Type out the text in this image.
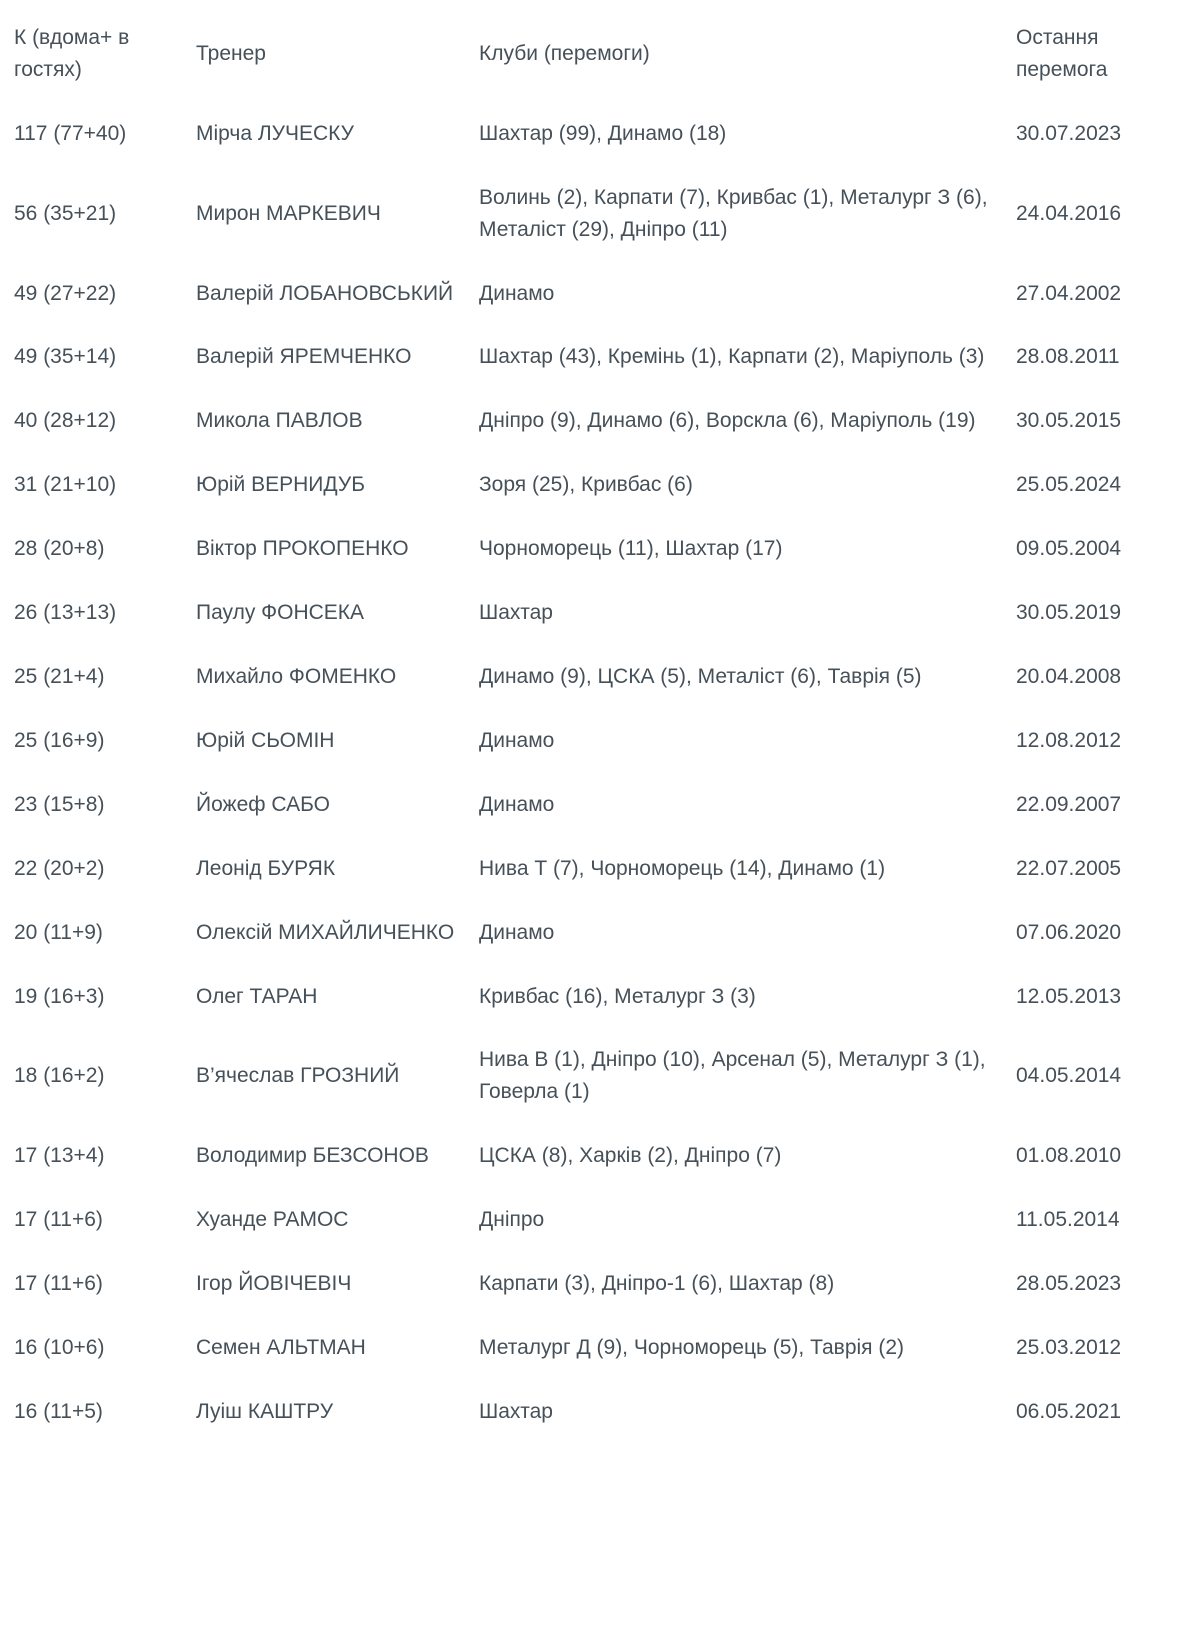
К (вдома+ в гостях)	Тренер	Клуби (перемоги)	Остання перемога
117 (77+40)	Мірча ЛУЧЕСКУ	Шахтар (99), Динамо (18)	30.07.2023
56 (35+21)	Мирон МАРКЕВИЧ	Волинь (2), Карпати (7), Кривбас (1), Металург З (6), Металіст (29), Дніпро (11)	24.04.2016
49 (27+22)	Валерій ЛОБАНОВСЬКИЙ	Динамо	27.04.2002
49 (35+14)	Валерій ЯРЕМЧЕНКО	Шахтар (43), Кремінь (1), Карпати (2), Маріуполь (3)	28.08.2011
40 (28+12)	Микола ПАВЛОВ	Дніпро (9), Динамо (6), Ворскла (6), Маріуполь (19)	30.05.2015
31 (21+10)	Юрій ВЕРНИДУБ	Зоря (25), Кривбас (6)	25.05.2024
28 (20+8)	Віктор ПРОКОПЕНКО	Чорноморець (11), Шахтар (17)	09.05.2004
26 (13+13)	Паулу ФОНСЕКА	Шахтар	30.05.2019
25 (21+4)	Михайло ФОМЕНКО	Динамо (9), ЦСКА (5), Металіст (6), Таврія (5)	20.04.2008
25 (16+9)	Юрій СЬОМІН	Динамо	12.08.2012
23 (15+8)	Йожеф САБО	Динамо	22.09.2007
22 (20+2)	Леонід БУРЯК	Нива Т (7), Чорноморець (14), Динамо (1)	22.07.2005
20 (11+9)	Олексій МИХАЙЛИЧЕНКО	Динамо	07.06.2020
19 (16+3)	Олег ТАРАН	Кривбас (16), Металург З (3)	12.05.2013
18 (16+2)	В’ячеслав ГРОЗНИЙ	Нива В (1), Дніпро (10), Арсенал (5), Металург З (1), Говерла (1)	04.05.2014
17 (13+4)	Володимир БЕЗСОНОВ	ЦСКА (8), Харків (2), Дніпро (7)	01.08.2010
17 (11+6)	Хуанде РАМОС	Дніпро	11.05.2014
17 (11+6)	Ігор ЙОВІЧЕВІЧ	Карпати (3), Дніпро-1 (6), Шахтар (8)	28.05.2023
16 (10+6)	Семен АЛЬТМАН	Металург Д (9), Чорноморець (5), Таврія (2)	25.03.2012
16 (11+5)	Луіш КАШТРУ	Шахтар	06.05.2021
